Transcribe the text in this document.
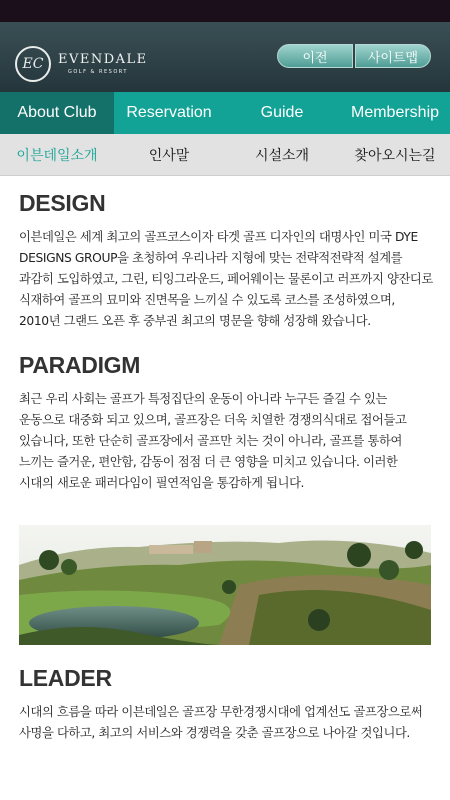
EC EVENDALE
GOLF & RESORT
이전	사이트맵
About Club	Reservation	Guide	Membership
이븐데일소개	인사말	시설소개	찾아오시는길
DESIGN

이븐데일은 세계 최고의 골프코스이자 타겟 골프 디자인의 대명사인 미국 DYE DESIGNS GROUP을 초청하여 우리나라 지형에 맞는 전략적전략적 설계를 과감히 도입하였고, 그린, 티잉그라운드, 페어웨이는 물론이고 러프까지 양잔디로 식재하여 골프의 묘미와 진면목을 느끼실 수 있도록 코스를 조성하였으며, 2010년 그랜드 오픈 후 중부권 최고의 명문을 향해 성장해 왔습니다.

PARADIGM

최근 우리 사회는 골프가 특정집단의 운동이 아니라 누구든 즐길 수 있는 운동으로 대중화 되고 있으며, 골프장은 더욱 치열한 경쟁의식대로 접어들고 있습니다, 또한 단순히 골프장에서 골프만 치는 것이 아니라, 골프를 통하여 느끼는 즐거운, 편안함, 감동이 점점 더 큰 영향을 미치고 있습니다. 이러한 시대의 새로운 패러다임이 필연적임을 통감하게 됩니다.

LEADER

시대의 흐름을 따라 이븐데일은 골프장 무한경쟁시대에 업계선도 골프장으로써 사명을 다하고, 최고의 서비스와 경쟁력을 갖춘 골프장으로 나아갈 것입니다.
